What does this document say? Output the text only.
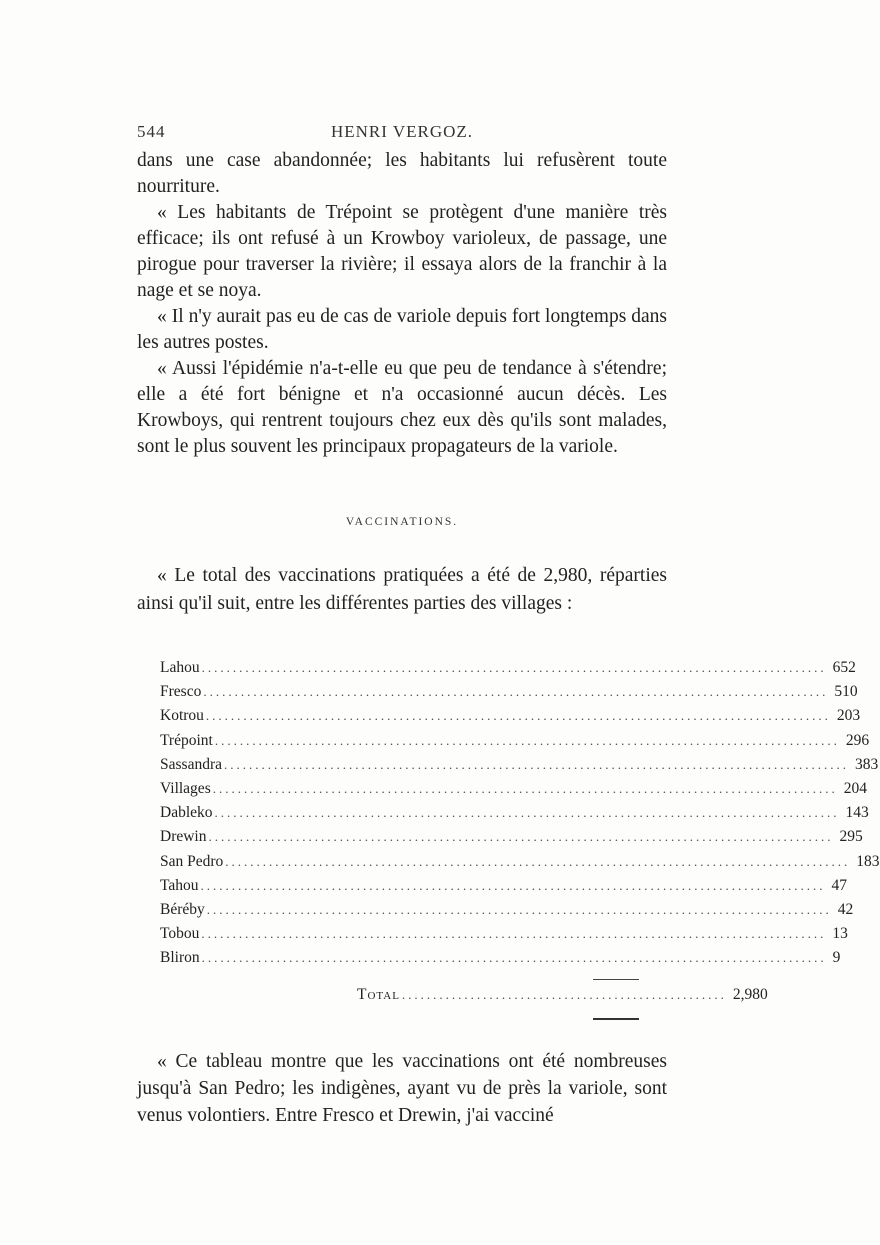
544	HENRI VERGOZ.

dans une case abandonnée; les habitants lui refusèrent toute nourriture.

« Les habitants de Trépoint se protègent d'une manière très efficace; ils ont refusé à un Krowboy varioleux, de passage, une pirogue pour traverser la rivière; il essaya alors de la franchir à la nage et se noya.

« Il n'y aurait pas eu de cas de variole depuis fort longtemps dans les autres postes.

« Aussi l'épidémie n'a-t-elle eu que peu de tendance à s'étendre; elle a été fort bénigne et n'a occasionné aucun décès. Les Krowboys, qui rentrent toujours chez eux dès qu'ils sont malades, sont le plus souvent les principaux propagateurs de la variole.

VACCINATIONS.

« Le total des vaccinations pratiquées a été de 2,980, réparties ainsi qu'il suit, entre les différentes parties des villages :

Lahou .................................................................................................... 652
Fresco .................................................................................................... 510
Kotrou .................................................................................................... 203
Trépoint .................................................................................................... 296
Sassandra .................................................................................................... 383
Villages .................................................................................................... 204
Dableko .................................................................................................... 143
Drewin .................................................................................................... 295
San Pedro .................................................................................................... 183
Tahou .................................................................................................... 47
Béréby .................................................................................................... 42
Tobou .................................................................................................... 13
Bliron .................................................................................................... 9
Total .................................................... 2,980

« Ce tableau montre que les vaccinations ont été nombreuses jusqu'à San Pedro; les indigènes, ayant vu de près la variole, sont venus volontiers. Entre Fresco et Drewin, j'ai vacciné
